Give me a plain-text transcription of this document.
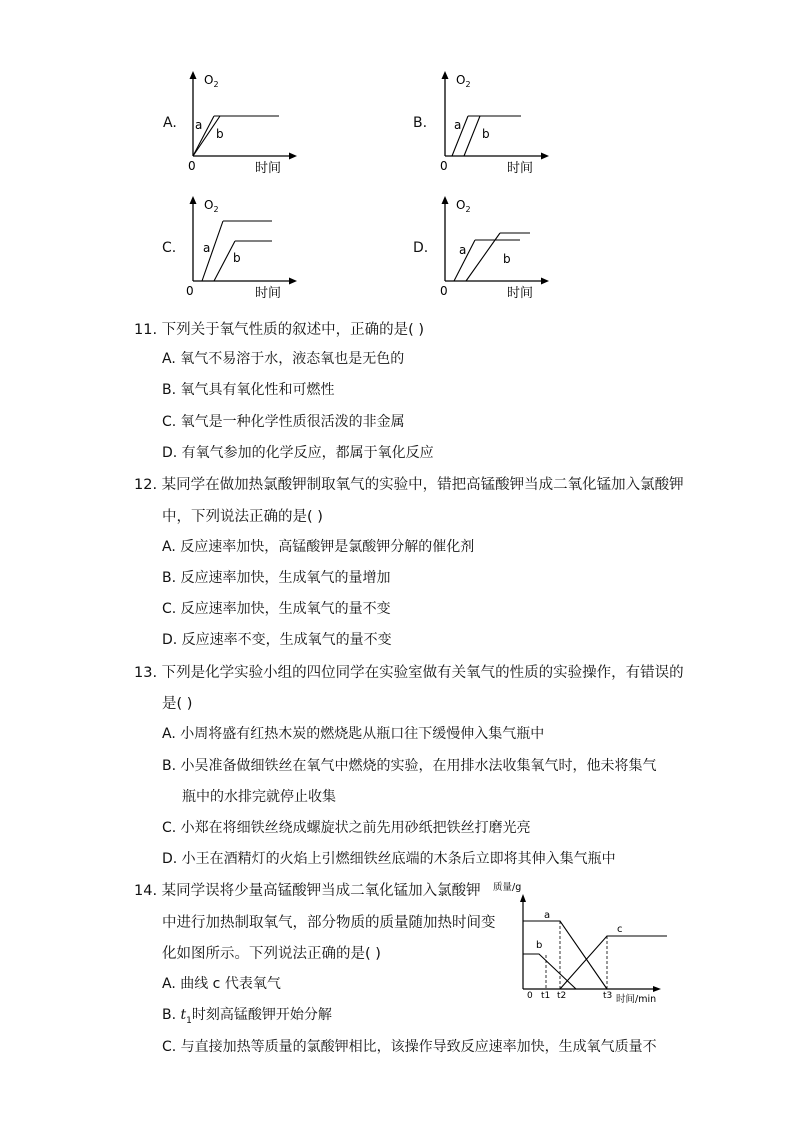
A.
$O_2$
a
b
0	时间
B.
$O_2$
a
b
0	时间
C.
$O_2$
a
b
0	时间
D.
$O_2$
a
b
0	时间
11. 下列关于氧气性质的叙述中，正确的是( )
A. 氧气不易溶于水，液态氧也是无色的
B. 氧气具有氧化性和可燃性
C. 氧气是一种化学性质很活泼的非金属
D. 有氧气参加的化学反应，都属于氧化反应
12. 某同学在做加热氯酸钾制取氧气的实验中，错把高锰酸钾当成二氧化锰加入氯酸钾
中，下列说法正确的是( )
A. 反应速率加快，高锰酸钾是氯酸钾分解的催化剂
B. 反应速率加快，生成氧气的量增加
C. 反应速率加快，生成氧气的量不变
D. 反应速率不变，生成氧气的量不变
13. 下列是化学实验小组的四位同学在实验室做有关氧气的性质的实验操作，有错误的
是( )
A. 小周将盛有红热木炭的燃烧匙从瓶口往下缓慢伸入集气瓶中
B. 小吴准备做细铁丝在氧气中燃烧的实验，在用排水法收集氧气时，他未将集气
瓶中的水排完就停止收集
C. 小郑在将细铁丝绕成螺旋状之前先用砂纸把铁丝打磨光亮
D. 小王在酒精灯的火焰上引燃细铁丝底端的木条后立即将其伸入集气瓶中
14. 某同学误将少量高锰酸钾当成二氧化锰加入氯酸钾
中进行加热制取氧气，部分物质的质量随加热时间变
化如图所示。下列说法正确的是( )
A. 曲线 c 代表氧气
B. $t_1$时刻高锰酸钾开始分解
C. 与直接加热等质量的氯酸钾相比，该操作导致反应速率加快，生成氧气质量不
质量/g
a
b
c
0 t1 t2	t3 时间/min
